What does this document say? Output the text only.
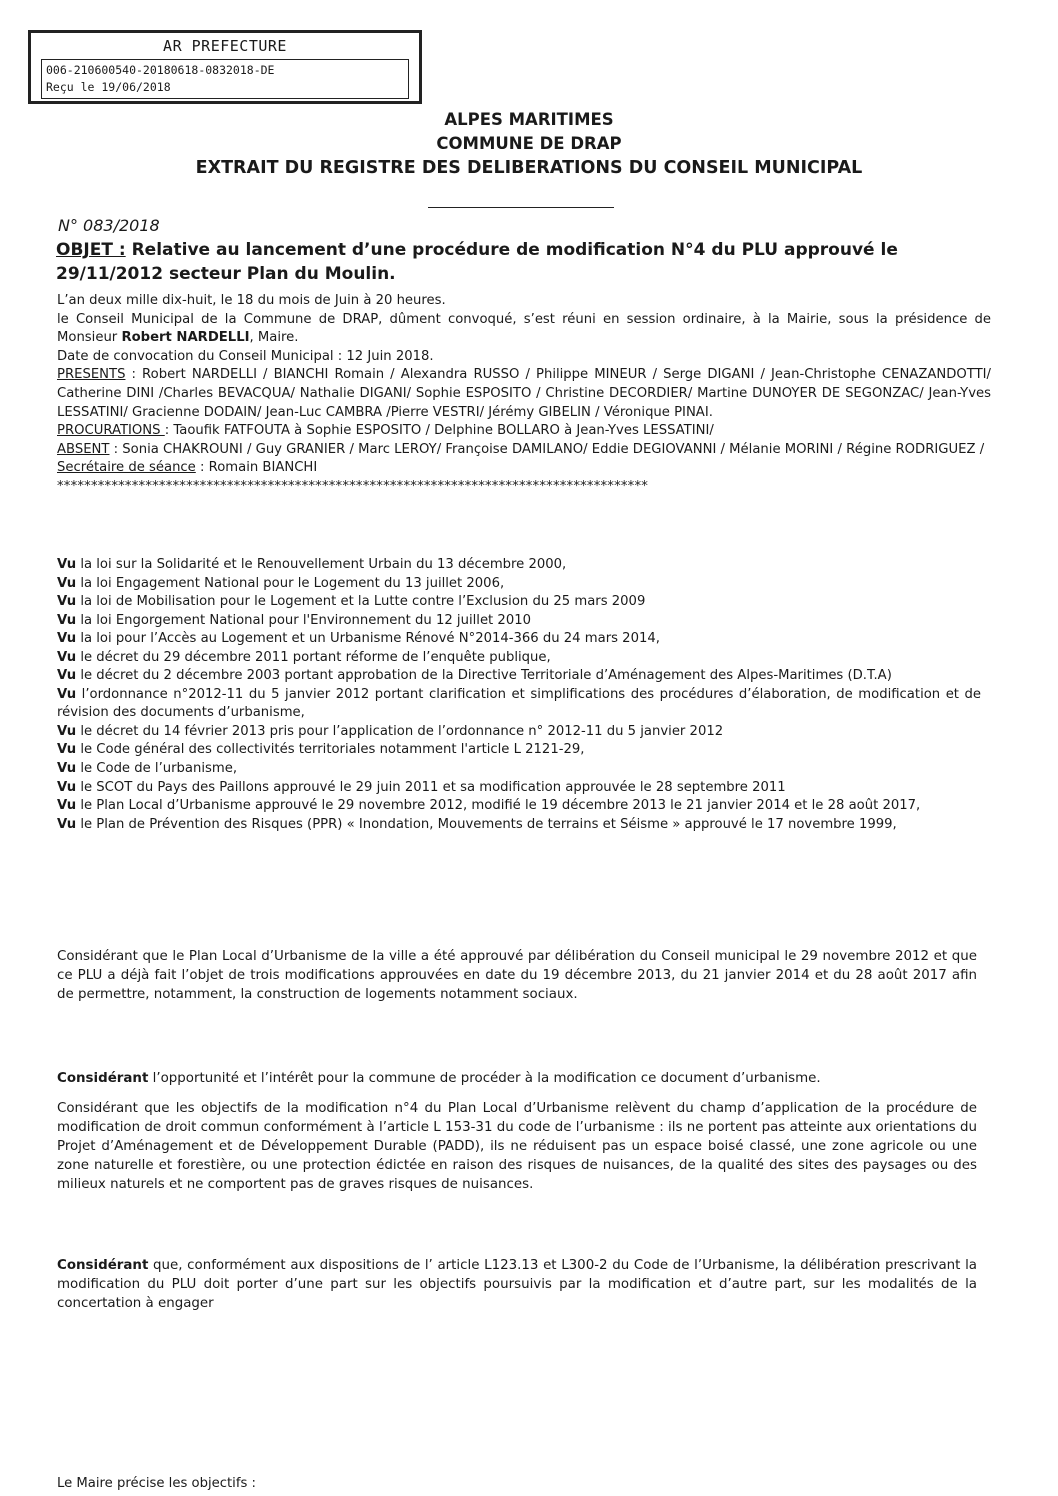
AR PREFECTURE
006-210600540-20180618-0832018-DE
Reçu le 19/06/2018
ALPES MARITIMES
COMMUNE DE DRAP
EXTRAIT DU REGISTRE DES DELIBERATIONS DU CONSEIL MUNICIPAL
N° 083/2018
OBJET : Relative au lancement d’une procédure de modification N°4 du PLU approuvé le 29/11/2012 secteur Plan du Moulin.

L’an deux mille dix-huit, le 18 du mois de Juin à 20 heures.

le Conseil Municipal de la Commune de DRAP, dûment convoqué, s’est réuni en session ordinaire, à la Mairie, sous la présidence de Monsieur Robert NARDELLI, Maire.

Date de convocation du Conseil Municipal : 12 Juin 2018.

PRESENTS : Robert NARDELLI / BIANCHI Romain / Alexandra RUSSO / Philippe MINEUR / Serge DIGANI / Jean-Christophe CENAZANDOTTI/ Catherine DINI /Charles BEVACQUA/ Nathalie DIGANI/ Sophie ESPOSITO / Christine DECORDIER/ Martine DUNOYER DE SEGONZAC/ Jean-Yves LESSATINI/ Gracienne DODAIN/ Jean-Luc CAMBRA /Pierre VESTRI/ Jérémy GIBELIN / Véronique PINAI.

PROCURATIONS : Taoufik FATFOUTA à Sophie ESPOSITO / Delphine BOLLARO à Jean-Yves LESSATINI/

ABSENT : Sonia CHAKROUNI / Guy GRANIER / Marc LEROY/ Françoise DAMILANO/ Eddie DEGIOVANNI / Mélanie MORINI / Régine RODRIGUEZ /

Secrétaire de séance : Romain BIANCHI

***************************************************************************************

Vu la loi sur la Solidarité et le Renouvellement Urbain du 13 décembre 2000,

Vu la loi Engagement National pour le Logement du 13 juillet 2006,

Vu la loi de Mobilisation pour le Logement et la Lutte contre l’Exclusion du 25 mars 2009

Vu la loi Engorgement National pour l'Environnement du 12 juillet 2010

Vu la loi pour l’Accès au Logement et un Urbanisme Rénové N°2014-366 du 24 mars 2014,

Vu le décret du 29 décembre 2011 portant réforme de l’enquête publique,

Vu le décret du 2 décembre 2003 portant approbation de la Directive Territoriale d’Aménagement des Alpes-Maritimes (D.T.A)

Vu l’ordonnance n°2012-11 du 5 janvier 2012 portant clarification et simplifications des procédures d’élaboration, de modification et de révision des documents d’urbanisme,

Vu le décret du 14 février 2013 pris pour l’application de l’ordonnance n° 2012-11 du 5 janvier 2012

Vu le Code général des collectivités territoriales notamment l'article L 2121-29,

Vu le Code de l’urbanisme,

Vu le SCOT du Pays des Paillons approuvé le 29 juin 2011 et sa modification approuvée le 28 septembre 2011

Vu le Plan Local d’Urbanisme approuvé le 29 novembre 2012, modifié le 19 décembre 2013 le 21 janvier 2014 et le 28 août 2017,

Vu le Plan de Prévention des Risques (PPR) « Inondation, Mouvements de terrains et Séisme » approuvé le 17 novembre 1999,

Considérant que le Plan Local d’Urbanisme de la ville a été approuvé par délibération du Conseil municipal le 29 novembre 2012 et que ce PLU a déjà fait l’objet de trois modifications approuvées en date du 19 décembre 2013, du 21 janvier 2014 et du 28 août 2017 afin de permettre, notamment, la construction de logements notamment sociaux.

Considérant l’opportunité et l’intérêt pour la commune de procéder à la modification ce document d’urbanisme.

Considérant que les objectifs de la modification n°4 du Plan Local d’Urbanisme relèvent du champ d’application de la procédure de modification de droit commun conformément à l’article L 153-31 du code de l’urbanisme : ils ne portent pas atteinte aux orientations du Projet d’Aménagement et de Développement Durable (PADD), ils ne réduisent pas un espace boisé classé, une zone agricole ou une zone naturelle et forestière, ou une protection édictée en raison des risques de nuisances, de la qualité des sites des paysages ou des milieux naturels et ne comportent pas de graves risques de nuisances.

Considérant que, conformément aux dispositions de l’ article L123.13 et L300-2 du Code de l’Urbanisme, la délibération prescrivant la modification du PLU doit porter d’une part sur les objectifs poursuivis par la modification et d’autre part, sur les modalités de la concertation à engager

Le Maire précise les objectifs :
